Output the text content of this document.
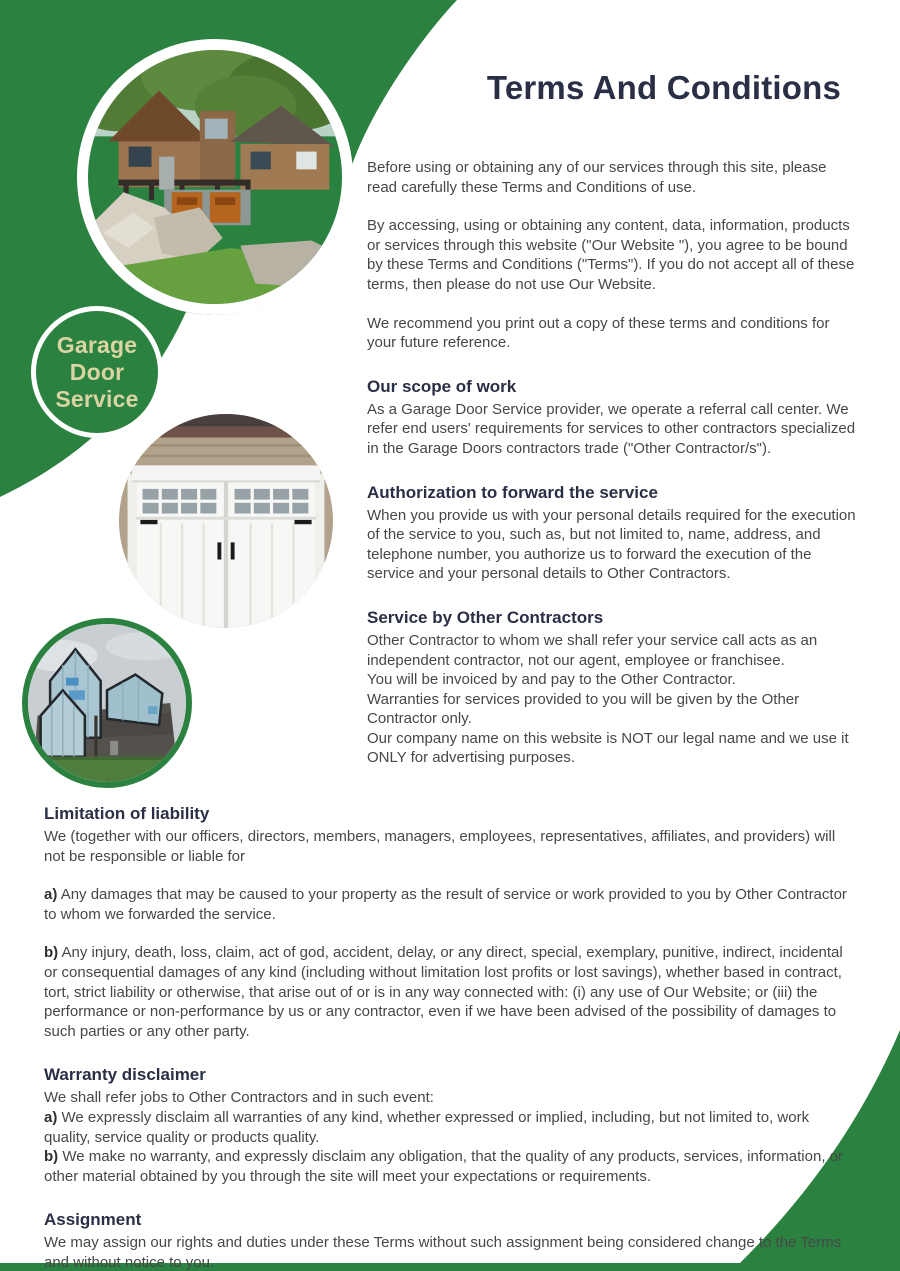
Garage
Door
Service
Terms And Conditions

Before using or obtaining any of our services through this site, please read carefully these Terms and Conditions of use.

By accessing, using or obtaining any content, data, information, products or services through this website ("Our Website "), you agree to be bound by these Terms and Conditions ("Terms"). If you do not accept all of these terms, then please do not use Our Website.

We recommend you print out a copy of these terms and conditions for your future reference.

Our scope of work

As a Garage Door Service provider, we operate a referral call center. We refer end users' requirements for services to other contractors specialized in the Garage Doors contractors trade ("Other Contractor/s").

Authorization to forward the service

When you provide us with your personal details required for the execution of the service to you, such as, but not limited to, name, address, and telephone number, you authorize us to forward the execution of the service and your personal details to Other Contractors.

Service by Other Contractors

Other Contractor to whom we shall refer your service call acts as an independent contractor, not our agent, employee or franchisee.

You will be invoiced by and pay to the Other Contractor.

Warranties for services provided to you will be given by the Other Contractor only.

Our company name on this website is NOT our legal name and we use it ONLY for advertising purposes.

Limitation of liability

We (together with our officers, directors, members, managers, employees, representatives, affiliates, and providers) will not be responsible or liable for

a) Any damages that may be caused to your property as the result of service or work provided to you by Other Contractor to whom we forwarded the service.

b) Any injury, death, loss, claim, act of god, accident, delay, or any direct, special, exemplary, punitive, indirect, incidental or consequential damages of any kind (including without limitation lost profits or lost savings), whether based in contract, tort, strict liability or otherwise, that arise out of or is in any way connected with: (i) any use of Our Website; or (iii) the performance or non-performance by us or any contractor, even if we have been advised of the possibility of damages to such parties or any other party.

Warranty disclaimer

We shall refer jobs to Other Contractors and in such event:

a) We expressly disclaim all warranties of any kind, whether expressed or implied, including, but not limited to, work quality, service quality or products quality.

b) We make no warranty, and expressly disclaim any obligation, that the quality of any products, services, information, or other material obtained by you through the site will meet your expectations or requirements.

Assignment

We may assign our rights and duties under these Terms without such assignment being considered change to the Terms and without notice to you.
